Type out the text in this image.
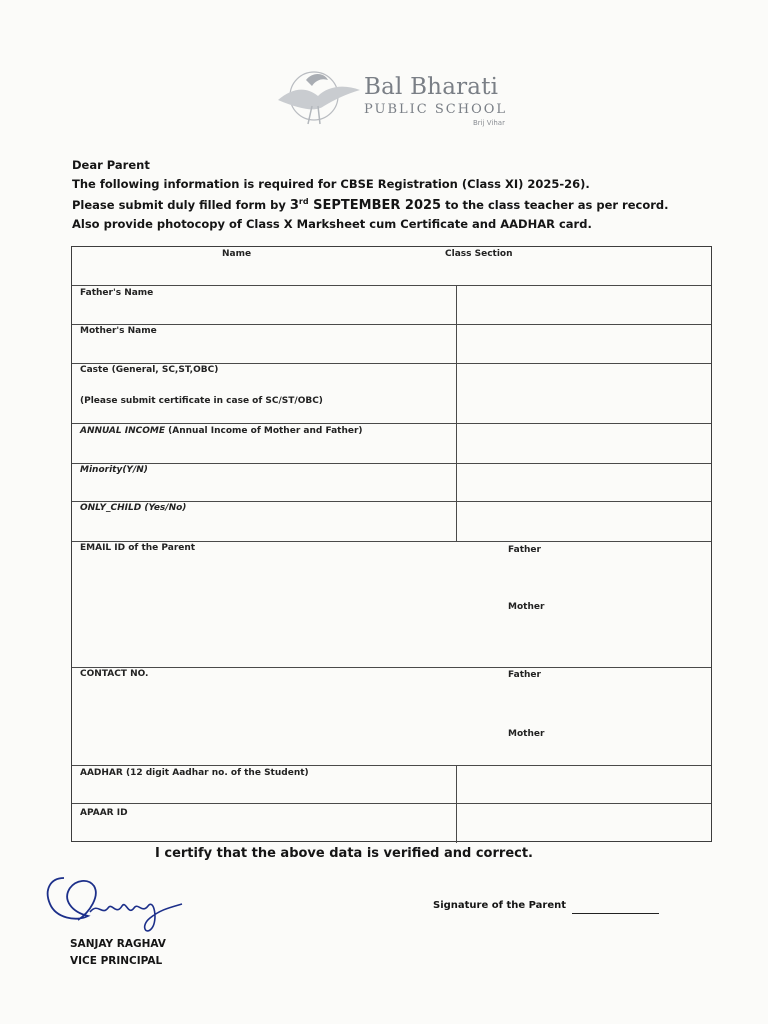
Bal Bharati
PUBLIC SCHOOL
Brij Vihar
Dear Parent
The following information is required for CBSE Registration (Class XI) 2025-26).
Please submit duly filled form by 3rd SEPTEMBER 2025 to the class teacher as per record.
Also provide photocopy of Class X Marksheet cum Certificate and AADHAR card.
Name	Class Section
Father's Name
Mother's Name
Caste (General, SC,ST,OBC)
(Please submit certificate in case of SC/ST/OBC)
ANNUAL INCOME (Annual Income of Mother and Father)
Minority(Y/N)
ONLY_CHILD (Yes/No)
EMAIL ID of the Parent	Father
Mother
CONTACT NO.	Father
Mother
AADHAR (12 digit Aadhar no. of the Student)
APAAR ID
I certify that the above data is verified and correct.
Sanjay
SANJAY RAGHAV
VICE PRINCIPAL
Signature of the Parent
